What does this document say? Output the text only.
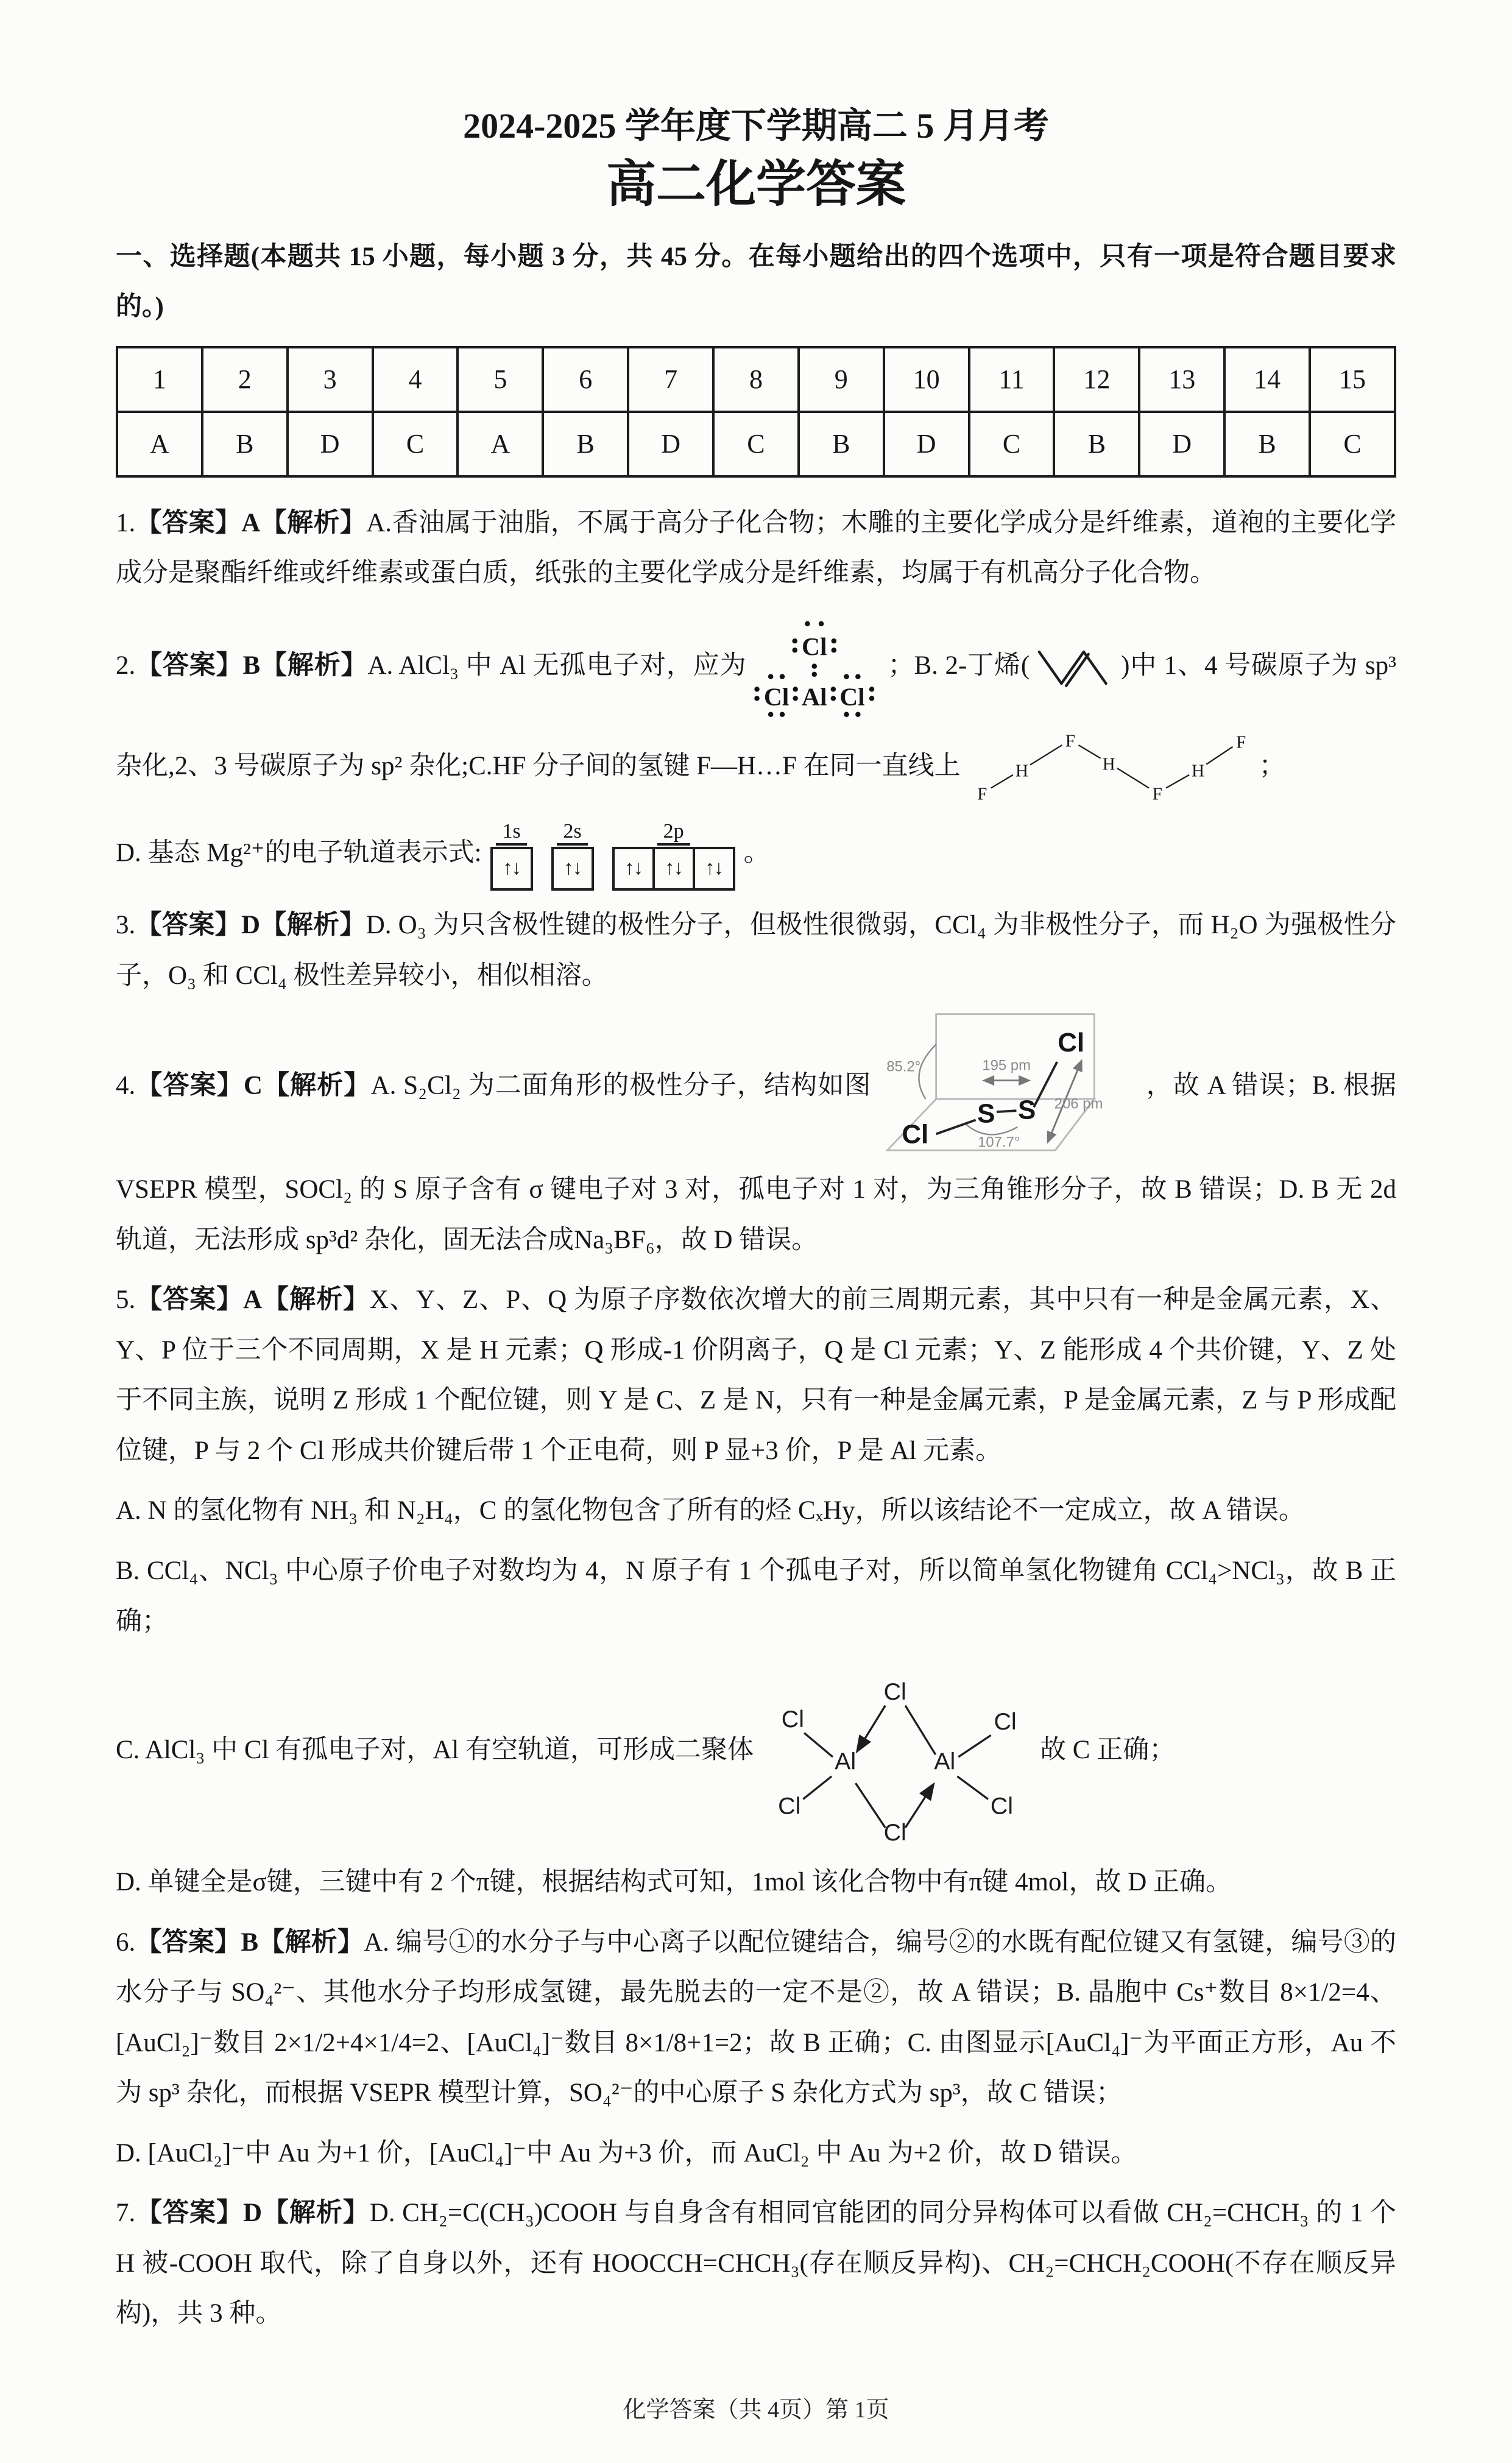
2024-2025 学年度下学期高二 5 月月考
高二化学答案

一、选择题(本题共 15 小题，每小题 3 分，共 45 分。在每小题给出的四个选项中，只有一项是符合题目要求的。)

1	2	3	4	5	6	7	8	9	10	11	12	13	14	15
A	B	D	C	A	B	D	C	B	D	C	B	D	B	C

1.【答案】A【解析】A.香油属于油脂，不属于高分子化合物；木雕的主要化学成分是纤维素，道袍的主要化学成分是聚酯纤维或纤维素或蛋白质，纸张的主要化学成分是纤维素，均属于有机高分子化合物。

2.【答案】B【解析】A. AlCl₃ 中 Al 无孤电子对，应为
Cl
Cl Al Cl
；B. 2-丁烯(	)中 1、4 号碳原子为 sp³ 杂化,2、3 号碳原子为 sp² 杂化;C.HF 分子间的氢键 F—H…F 在同一直线上
F
H
F
H
F
H
F
；

D. 基态 Mg²⁺的电子轨道表示式:
1s
↑↓
2s
↑↓
2p
↑↓	↑↓	↑↓
。

3.【答案】D【解析】D. O₃ 为只含极性键的极性分子，但极性很微弱，CCl₄ 为非极性分子，而 H₂O 为强极性分子，O₃ 和 CCl₄ 极性差异较小，相似相溶。

4.【答案】C【解析】A. S₂Cl₂ 为二面角形的极性分子，结构如图
S S
Cl
Cl
195 pm
206 pm
85.2°
107.7°
，故 A 错误；B. 根据 VSEPR 模型，SOCl₂ 的 S 原子含有 σ 键电子对 3 对，孤电子对 1 对，为三角锥形分子，故 B 错误；D. B 无 2d 轨道，无法形成 sp³d² 杂化，固无法合成Na₃BF₆，故 D 错误。

5.【答案】A【解析】X、Y、Z、P、Q 为原子序数依次增大的前三周期元素，其中只有一种是金属元素，X、Y、P 位于三个不同周期，X 是 H 元素；Q 形成-1 价阴离子，Q 是 Cl 元素；Y、Z 能形成 4 个共价键，Y、Z 处于不同主族，说明 Z 形成 1 个配位键，则 Y 是 C、Z 是 N，只有一种是金属元素，P 是金属元素，Z 与 P 形成配位键，P 与 2 个 Cl 形成共价键后带 1 个正电荷，则 P 显+3 价，P 是 Al 元素。

A. N 的氢化物有 NH₃ 和 N₂H₄，C 的氢化物包含了所有的烃 CₓHy，所以该结论不一定成立，故 A 错误。

B. CCl₄、NCl₃ 中心原子价电子对数均为 4，N 原子有 1 个孤电子对，所以简单氢化物键角 CCl₄>NCl₃，故 B 正确；

C. AlCl₃ 中 Cl 有孤电子对，Al 有空轨道，可形成二聚体	Al	Al
Cl
Cl
Cl
Cl
Cl
Cl
故 C 正确；

D. 单键全是σ键，三键中有 2 个π键，根据结构式可知，1mol 该化合物中有π键 4mol，故 D 正确。

6.【答案】B【解析】A. 编号①的水分子与中心离子以配位键结合，编号②的水既有配位键又有氢键，编号③的水分子与 SO₄²⁻、其他水分子均形成氢键，最先脱去的一定不是②，故 A 错误；B. 晶胞中 Cs⁺数目 8×1/2=4、[AuCl₂]⁻数目 2×1/2+4×1/4=2、[AuCl₄]⁻数目 8×1/8+1=2；故 B 正确；C. 由图显示[AuCl₄]⁻为平面正方形，Au 不为 sp³ 杂化，而根据 VSEPR 模型计算，SO₄²⁻的中心原子 S 杂化方式为 sp³，故 C 错误；

D. [AuCl₂]⁻中 Au 为+1 价，[AuCl₄]⁻中 Au 为+3 价，而 AuCl₂ 中 Au 为+2 价，故 D 错误。

7.【答案】D【解析】D. CH₂=C(CH₃)COOH 与自身含有相同官能团的同分异构体可以看做 CH₂=CHCH₃ 的 1 个 H 被-COOH 取代，除了自身以外，还有 HOOCCH=CHCH₃(存在顺反异构)、CH₂=CHCH₂COOH(不存在顺反异构)，共 3 种。

化学答案（共 4页）第 1页
